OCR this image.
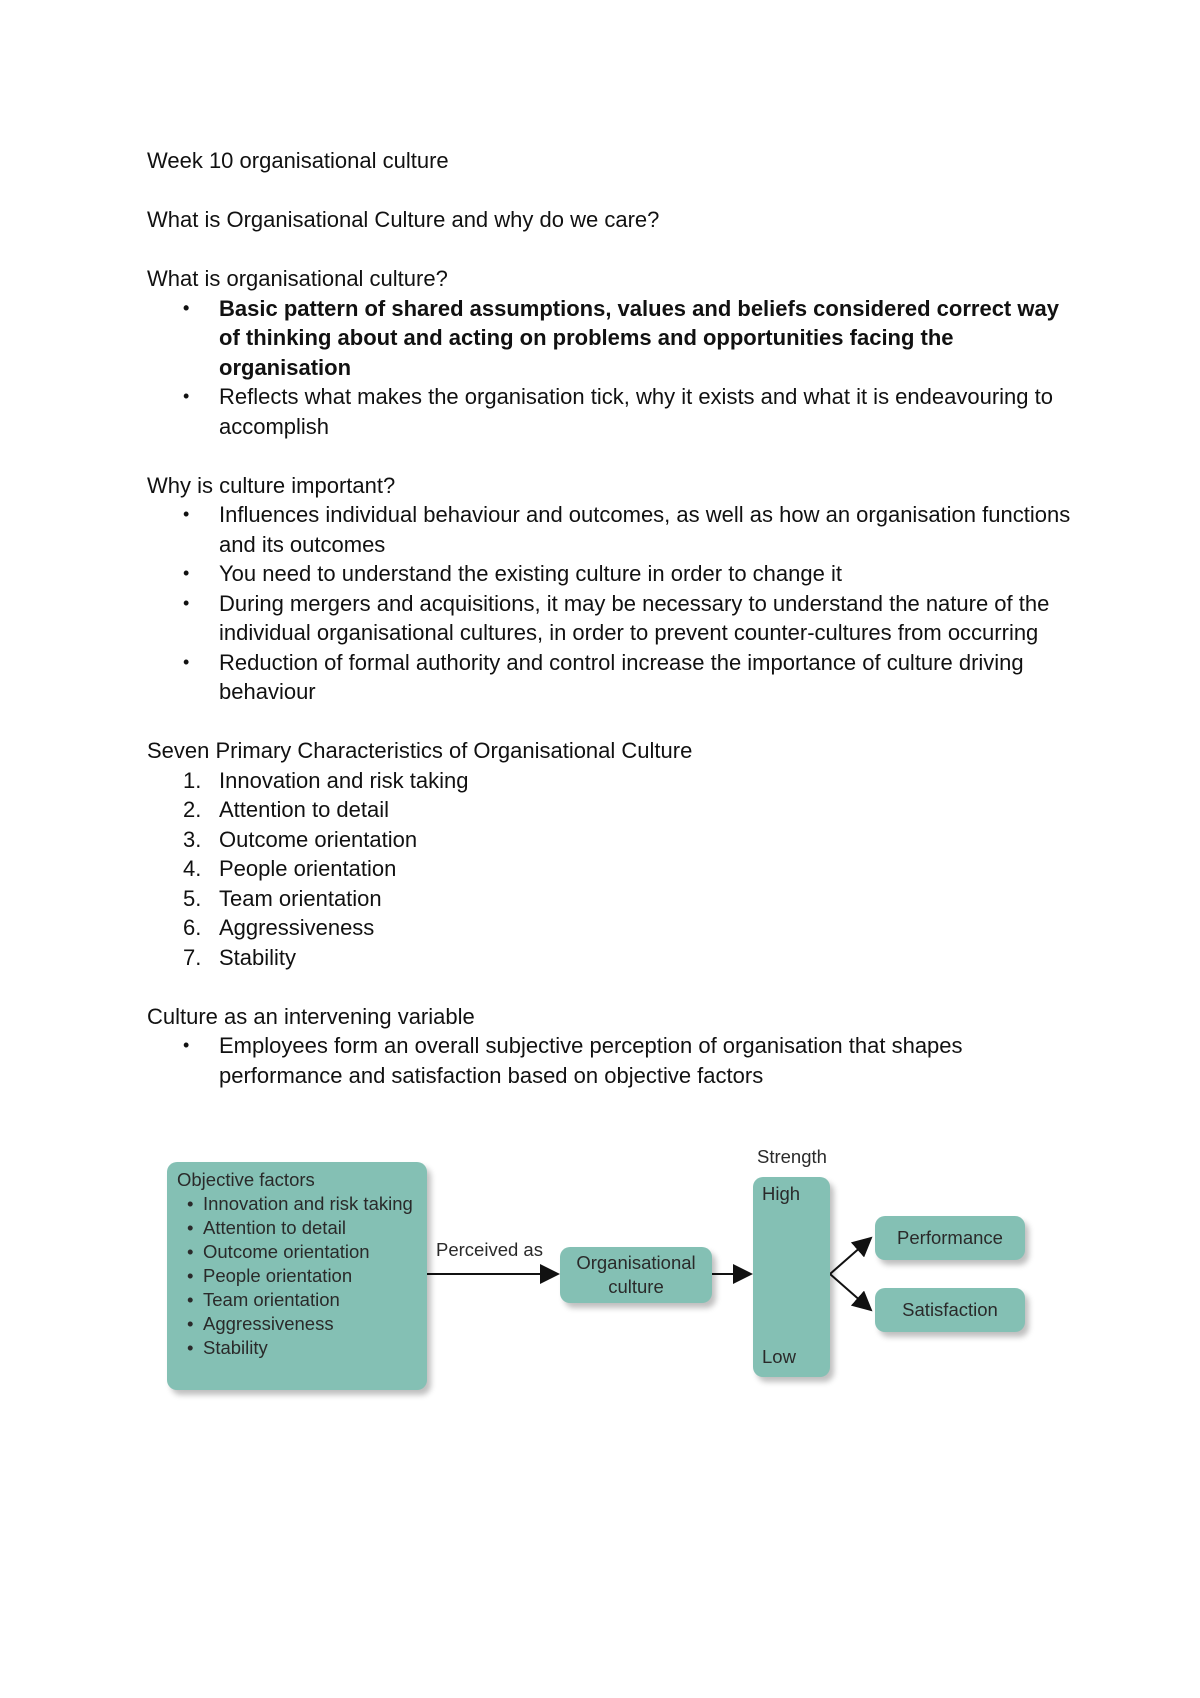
Week 10 organisational culture

What is Organisational Culture and why do we care?

What is organisational culture?

• Basic pattern of shared assumptions, values and beliefs considered correct way of thinking about and acting on problems and opportunities facing the organisation
• Reflects what makes the organisation tick, why it exists and what it is endeavouring to accomplish

Why is culture important?

• Influences individual behaviour and outcomes, as well as how an organisation functions and its outcomes
• You need to understand the existing culture in order to change it
• During mergers and acquisitions, it may be necessary to understand the nature of the individual organisational cultures, in order to prevent counter-cultures from occurring
• Reduction of formal authority and control increase the importance of culture driving behaviour

Seven Primary Characteristics of Organisational Culture

1. Innovation and risk taking
2. Attention to detail
3. Outcome orientation
4. People orientation
5. Team orientation
6. Aggressiveness
7. Stability

Culture as an intervening variable

• Employees form an overall subjective perception of organisation that shapes performance and satisfaction based on objective factors
Objective factors
• Innovation and risk taking
• Attention to detail
• Outcome orientation
• People orientation
• Team orientation
• Aggressiveness
• Stability
Perceived as
Organisational culture
Strength
High
Low
Performance
Satisfaction
